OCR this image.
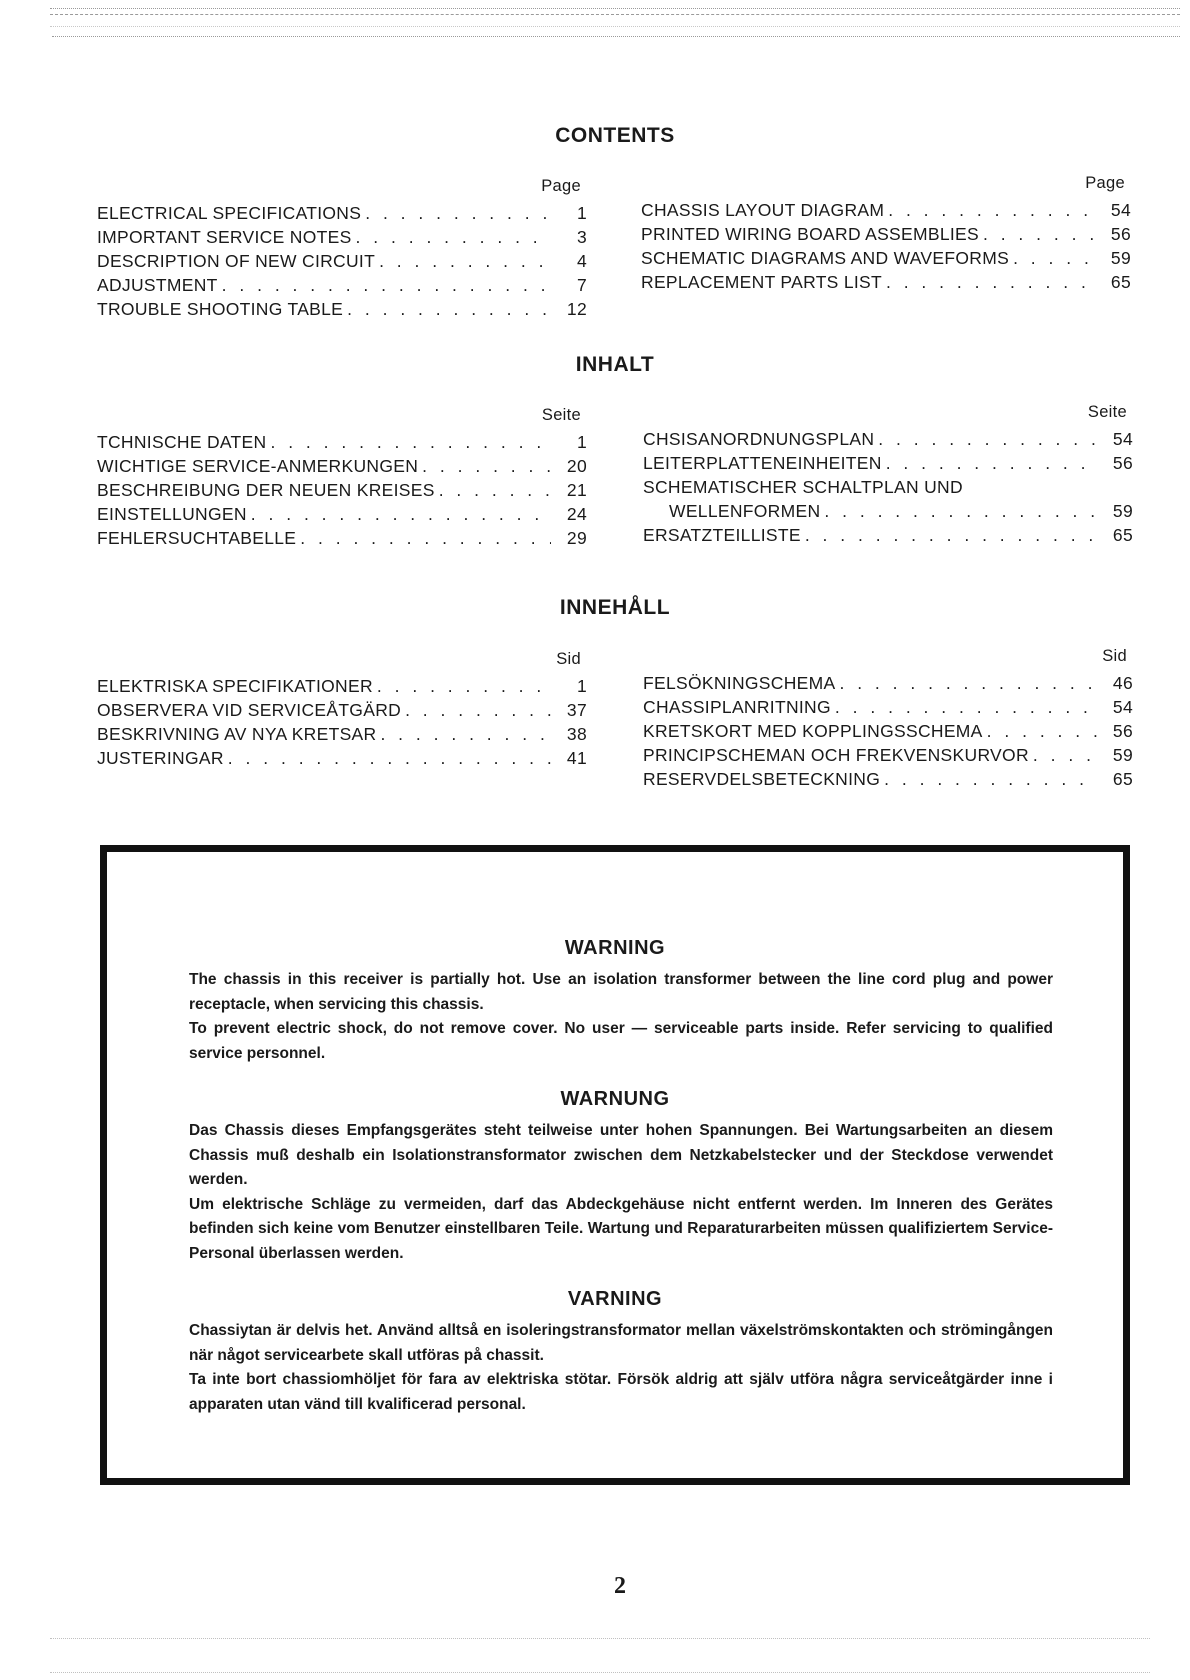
CONTENTS
Page
ELECTRICAL SPECIFICATIONS . . .	1
IMPORTANT SERVICE NOTES . . .	3
DESCRIPTION OF NEW CIRCUIT . . .	4
ADJUSTMENT . . .	7
TROUBLE SHOOTING TABLE . . .	12
Page
CHASSIS LAYOUT DIAGRAM . . .	54
PRINTED WIRING BOARD ASSEMBLIES . . .	56
SCHEMATIC DIAGRAMS AND WAVEFORMS . . .	59
REPLACEMENT PARTS LIST . . .	65
INHALT
Seite
TCHNISCHE DATEN . . .	1
WICHTIGE SERVICE-ANMERKUNGEN . . .	20
BESCHREIBUNG DER NEUEN KREISES . . .	21
EINSTELLUNGEN . . .	24
FEHLERSUCHTABELLE . . .	29
Seite
CHSISANORDNUNGSPLAN . . .	54
LEITERPLATTENEINHEITEN . . .	56
SCHEMATISCHER SCHALTPLAN UND
WELLENFORMEN . . .	59
ERSATZTEILLISTE . . .	65
INNEHÅLL
Sid
ELEKTRISKA SPECIFIKATIONER . . .	1
OBSERVERA VID SERVICEÅTGÄRD . . .	37
BESKRIVNING AV NYA KRETSAR . . .	38
JUSTERINGAR . . .	41
Sid
FELSÖKNINGSCHEMA . . .	46
CHASSIPLANRITNING . . .	54
KRETSKORT MED KOPPLINGSSCHEMA . . .	56
PRINCIPSCHEMAN OCH FREKVENSKURVOR . . .	59
RESERVDELSBETECKNING . . .	65
WARNING

The chassis in this receiver is partially hot. Use an isolation transformer between the line cord plug and power receptacle, when servicing this chassis.

To prevent electric shock, do not remove cover. No user — serviceable parts inside. Refer servicing to qualified service personnel.

WARNUNG

Das Chassis dieses Empfangsgerätes steht teilweise unter hohen Spannungen. Bei Wartungsarbeiten an diesem Chassis muß deshalb ein Isolationstransformator zwischen dem Netzkabelstecker und der Steckdose verwendet werden.

Um elektrische Schläge zu vermeiden, darf das Abdeckgehäuse nicht entfernt werden. Im Inneren des Gerätes befinden sich keine vom Benutzer einstellbaren Teile. Wartung und Reparaturarbeiten müssen qualifiziertem Service-Personal überlassen werden.

VARNING

Chassiytan är delvis het. Använd alltså en isoleringstransformator mellan växelströmskontakten och strömingången när något servicearbete skall utföras på chassit.

Ta inte bort chassiomhöljet för fara av elektriska stötar. Försök aldrig att själv utföra några serviceåtgärder inne i apparaten utan vänd till kvalificerad personal.

2
